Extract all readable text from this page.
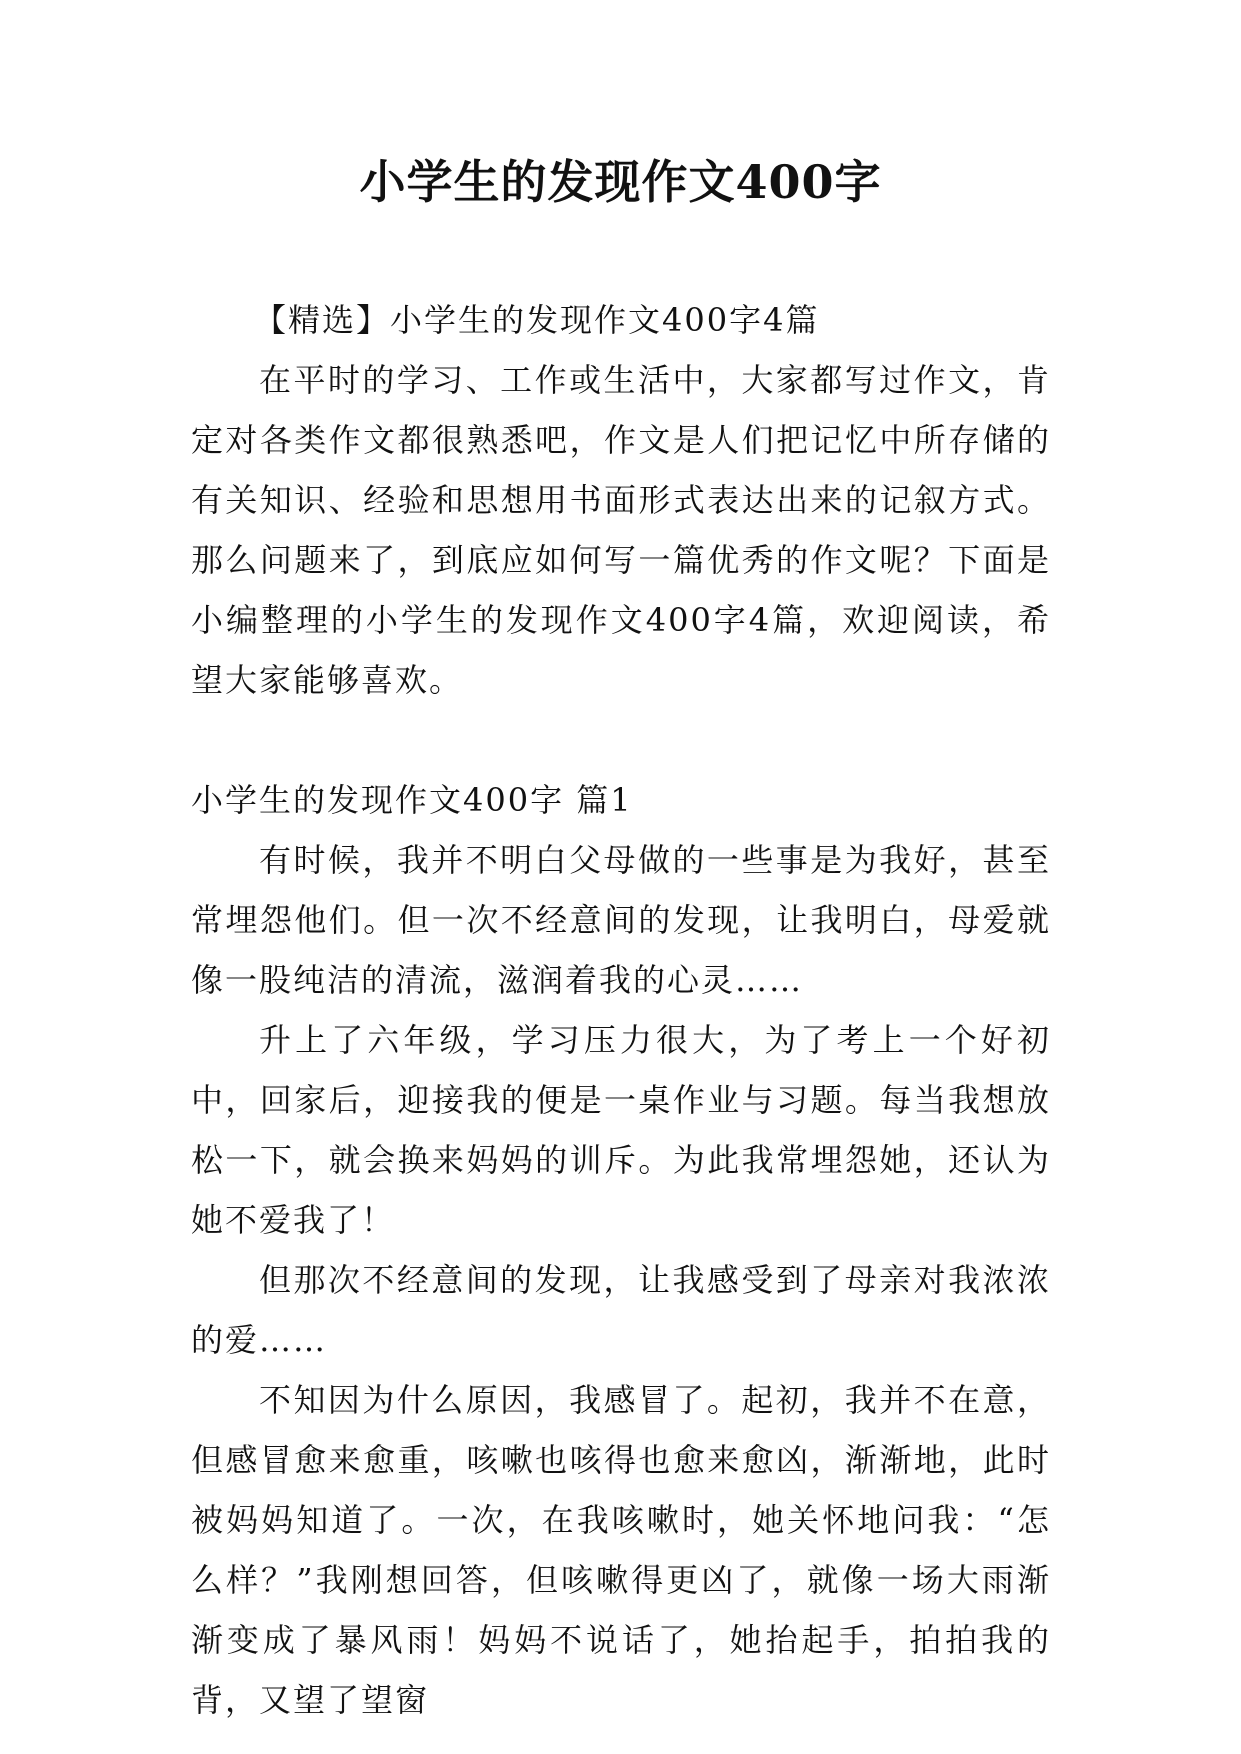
小学生的发现作文400字

【精选】小学生的发现作文400字4篇

在平时的学习、工作或生活中，大家都写过作文，肯定对各类作文都很熟悉吧，作文是人们把记忆中所存储的有关知识、经验和思想用书面形式表达出来的记叙方式。那么问题来了，到底应如何写一篇优秀的作文呢？下面是小编整理的小学生的发现作文400字4篇，欢迎阅读，希望大家能够喜欢。

小学生的发现作文400字 篇1

有时候，我并不明白父母做的一些事是为我好，甚至常埋怨他们。但一次不经意间的发现，让我明白，母爱就像一股纯洁的清流，滋润着我的心灵……

升上了六年级，学习压力很大，为了考上一个好初中，回家后，迎接我的便是一桌作业与习题。每当我想放松一下，就会换来妈妈的训斥。为此我常埋怨她，还认为她不爱我了！

但那次不经意间的发现，让我感受到了母亲对我浓浓的爱……

不知因为什么原因，我感冒了。起初，我并不在意，但感冒愈来愈重，咳嗽也咳得也愈来愈凶，渐渐地，此时被妈妈知道了。一次，在我咳嗽时，她关怀地问我：“怎么样？”我刚想回答，但咳嗽得更凶了，就像一场大雨渐渐变成了暴风雨！妈妈不说话了，她抬起手，拍拍我的背，又望了望窗
